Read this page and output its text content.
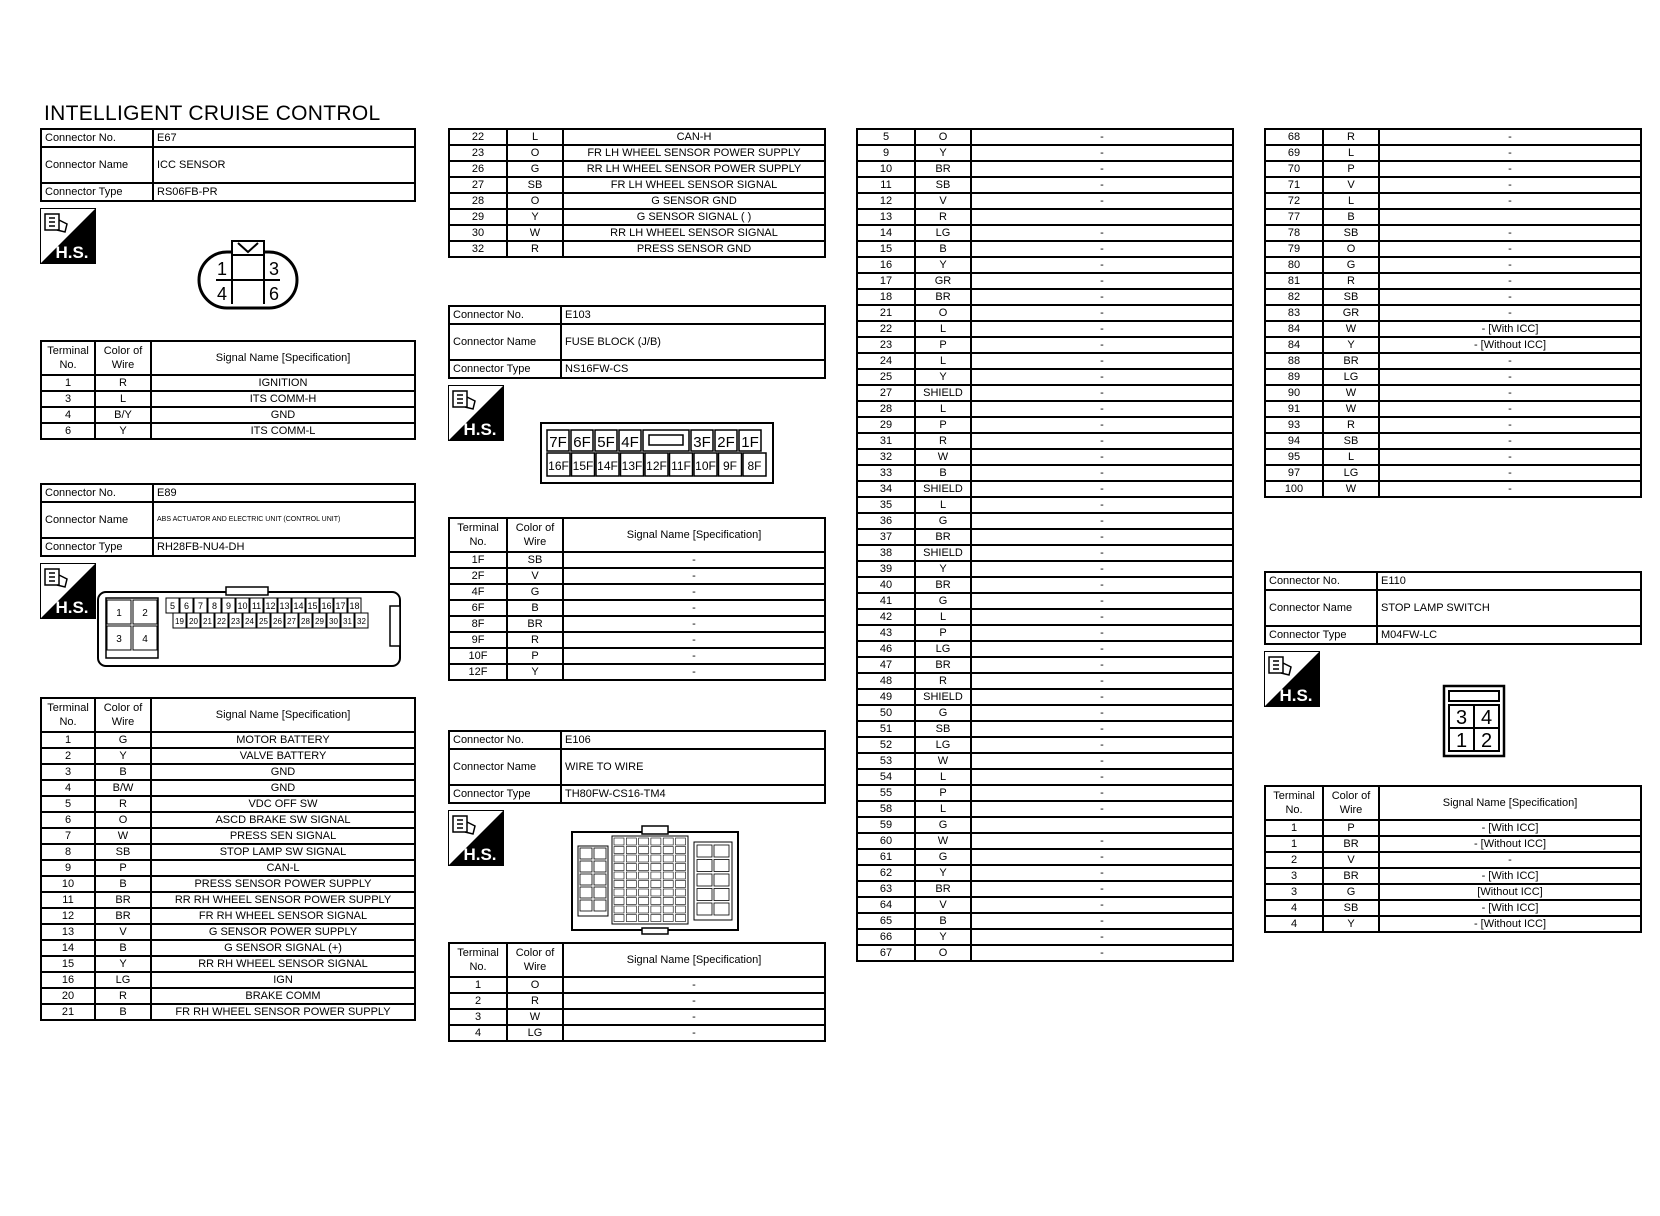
INTELLIGENT CRUISE CONTROL
Connector No.	E67
Connector Name	ICC SENSOR
Connector Type	RS06FB-PR
H.S.
1 3
4 6
Terminal No.	Color of Wire	Signal Name [Specification]
1	R	IGNITION
3	L	ITS COMM-H
4	B/Y	GND
6	Y	ITS COMM-L
Connector No.	E89
Connector Name	ABS ACTUATOR AND ELECTRIC UNIT (CONTROL UNIT)
Connector Type	RH28FB-NU4-DH
H.S.	1 2
3 4
5 6 7 8 9 10 11 12 13 14 15 16 17 18
19 20 21 22 23 24 25 26 27 28 29 30 31 32
Terminal No.	Color of Wire	Signal Name [Specification]
1	G	MOTOR BATTERY
2	Y	VALVE BATTERY
3	B	GND
4	B/W	GND
5	R	VDC OFF SW
6	O	ASCD BRAKE SW SIGNAL
7	W	PRESS SEN SIGNAL
8	SB	STOP LAMP SW SIGNAL
9	P	CAN-L
10	B	PRESS SENSOR POWER SUPPLY
11	BR	RR RH WHEEL SENSOR POWER SUPPLY
12	BR	FR RH WHEEL SENSOR SIGNAL
13	V	G SENSOR POWER SUPPLY
14	B	G SENSOR SIGNAL (+)
15	Y	RR RH WHEEL SENSOR SIGNAL
16	LG	IGN
20	R	BRAKE COMM
21	B	FR RH WHEEL SENSOR POWER SUPPLY
22	L	CAN-H
23	O	FR LH WHEEL SENSOR POWER SUPPLY
26	G	RR LH WHEEL SENSOR POWER SUPPLY
27	SB	FR LH WHEEL SENSOR SIGNAL
28	O	G SENSOR GND
29	Y	G SENSOR SIGNAL ( )
30	W	RR LH WHEEL SENSOR SIGNAL
32	R	PRESS SENSOR GND
Connector No.	E103
Connector Name	FUSE BLOCK (J/B)
Connector Type	NS16FW-CS
H.S.
7F 6F 5F 4F	3F 2F 1F
16F 15F 14F 13F 12F 11F 10F 9F 8F
Terminal No.	Color of Wire	Signal Name [Specification]
1F	SB	-
2F	V	-
4F	G	-
6F	B	-
8F	BR	-
9F	R	-
10F	P	-
12F	Y	-
Connector No.	E106
Connector Name	WIRE TO WIRE
Connector Type	TH80FW-CS16-TM4
H.S.
Terminal No.	Color of Wire	Signal Name [Specification]
1	O	-
2	R	-
3	W	-
4	LG	-
5	O	-
9	Y	-
10	BR	-
11	SB	-
12	V	-
13	R	
14	LG	-
15	B	-
16	Y	-
17	GR	-
18	BR	-
21	O	-
22	L	-
23	P	-
24	L	-
25	Y	-
27	SHIELD	-
28	L	-
29	P	-
31	R	-
32	W	-
33	B	-
34	SHIELD	-
35	L	-
36	G	-
37	BR	-
38	SHIELD	-
39	Y	-
40	BR	-
41	G	-
42	L	-
43	P	-
46	LG	-
47	BR	-
48	R	-
49	SHIELD	-
50	G	-
51	SB	-
52	LG	-
53	W	-
54	L	-
55	P	-
58	L	-
59	G	
60	W	-
61	G	-
62	Y	-
63	BR	-
64	V	-
65	B	-
66	Y	-
67	O	-
68	R	-
69	L	-
70	P	-
71	V	-
72	L	-
77	B	
78	SB	-
79	O	-
80	G	-
81	R	-
82	SB	-
83	GR	-
84	W	- [With ICC]
84	Y	- [Without ICC]
88	BR	-
89	LG	-
90	W	-
91	W	-
93	R	-
94	SB	-
95	L	-
97	LG	-
100	W	-
Connector No.	E110
Connector Name	STOP LAMP SWITCH
Connector Type	M04FW-LC
H.S.
3 4
1 2
Terminal No.	Color of Wire	Signal Name [Specification]
1	P	- [With ICC]
1	BR	- [Without ICC]
2	V	-
3	BR	- [With ICC]
3	G	[Without ICC]
4	SB	- [With ICC]
4	Y	- [Without ICC]
